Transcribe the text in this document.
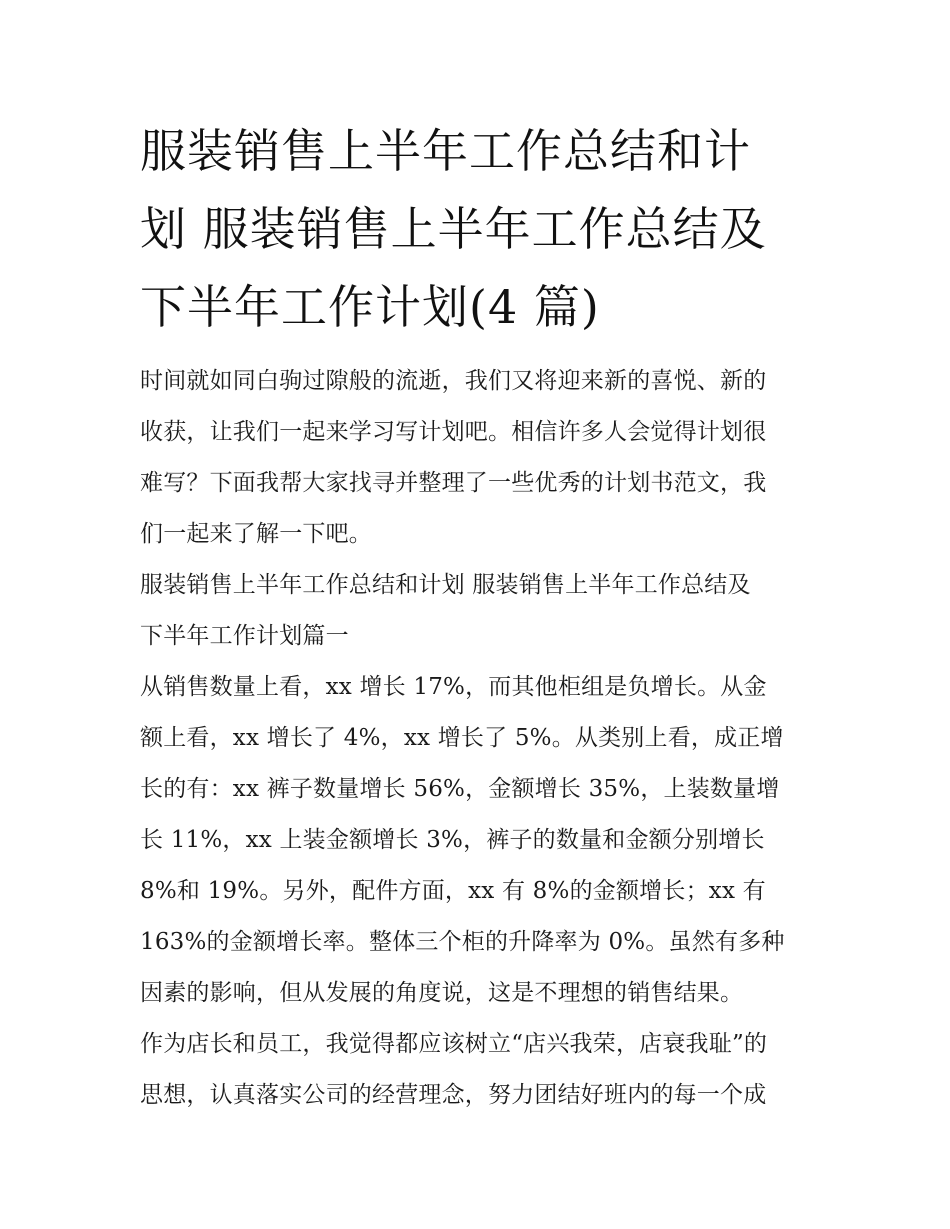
服装销售上半年工作总结和计
划 服装销售上半年工作总结及
下半年工作计划(4 篇)

时间就如同白驹过隙般的流逝，我们又将迎来新的喜悦、新的
收获，让我们一起来学习写计划吧。相信许多人会觉得计划很
难写？下面我帮大家找寻并整理了一些优秀的计划书范文，我
们一起来了解一下吧。

服装销售上半年工作总结和计划 服装销售上半年工作总结及
下半年工作计划篇一

从销售数量上看，xx 增长 17%，而其他柜组是负增长。从金
额上看，xx 增长了 4%，xx 增长了 5%。从类别上看，成正增
长的有：xx 裤子数量增长 56%，金额增长 35%，上装数量增
长 11%，xx 上装金额增长 3%，裤子的数量和金额分别增长
8%和 19%。另外，配件方面，xx 有 8%的金额增长；xx 有
163%的金额增长率。整体三个柜的升降率为 0%。虽然有多种
因素的影响，但从发展的角度说，这是不理想的销售结果。

作为店长和员工，我觉得都应该树立“店兴我荣，店衰我耻”的
思想，认真落实公司的经营理念，努力团结好班内的每一个成
